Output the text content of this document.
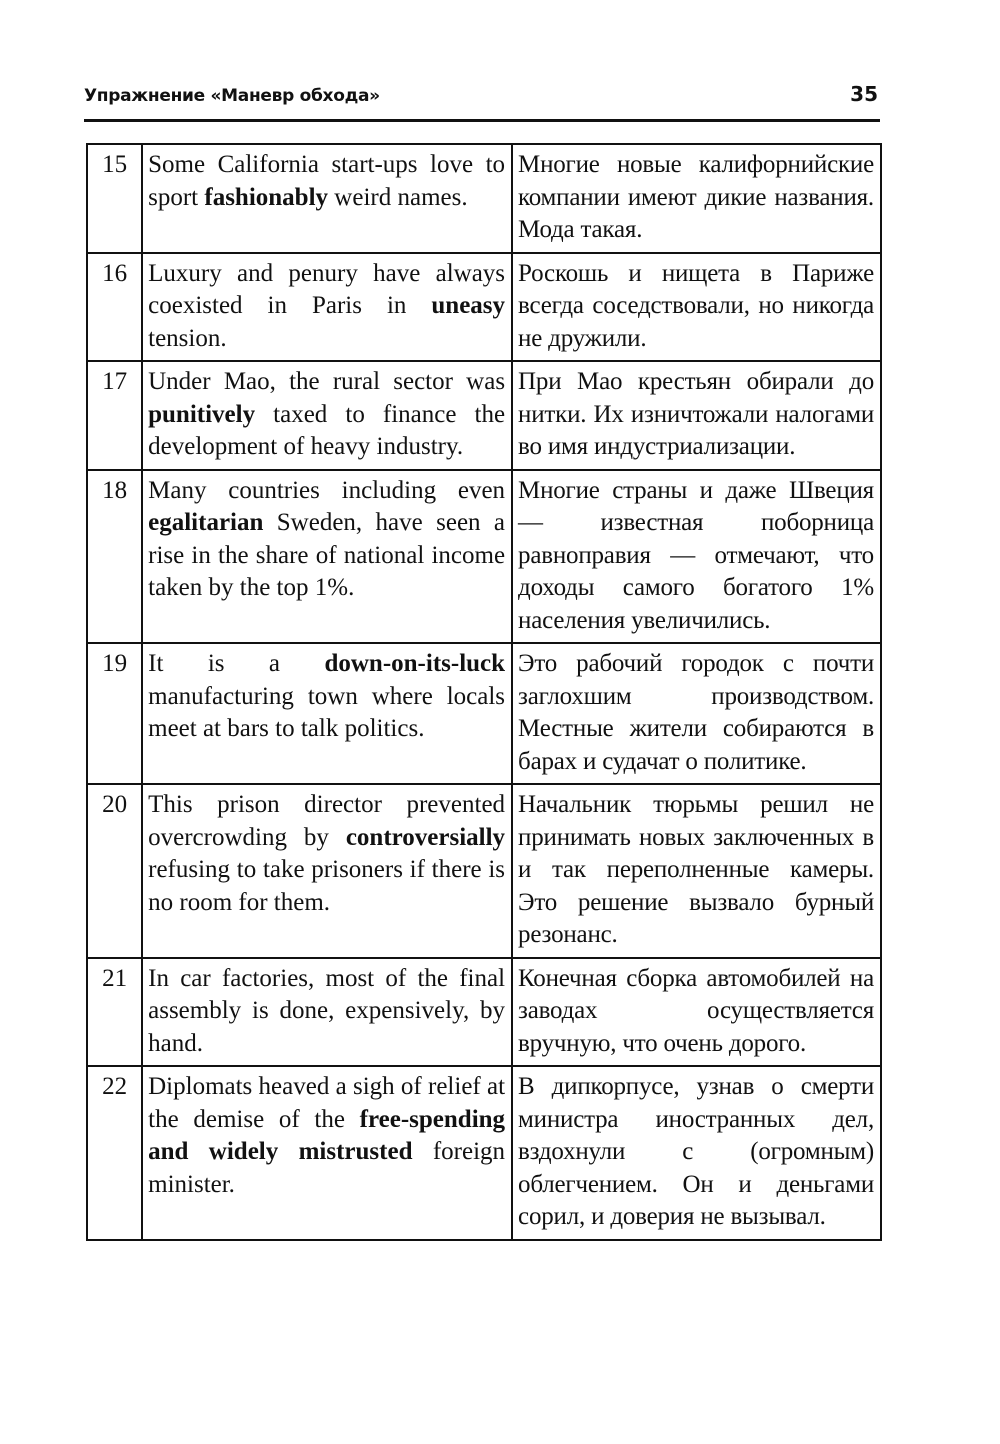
Упражнение «Маневр обхода»	35
15	Some California start-ups love to sport fashionably weird names.	Многие новые калифорнийские компании имеют дикие названия. Мода такая.
16	Luxury and penury have always coexisted in Paris in uneasy tension.	Роскошь и нищета в Париже всегда соседствовали, но никогда не дружили.
17	Under Mao, the rural sector was punitively taxed to finance the development of heavy industry.	При Мао крестьян обирали до нитки. Их изничтожали налогами во имя индустриализации.
18	Many countries including even egalitarian Sweden, have seen a rise in the share of national income taken by the top 1%.	Многие страны и даже Швеция — известная поборница равноправия — отмечают, что доходы самого богатого 1% населения увеличились.
19	It is a down-on-its-luck manufacturing town where locals meet at bars to talk politics.	Это рабочий городок с почти заглохшим производством. Местные жители собираются в барах и судачат о политике.
20	This prison director prevented overcrowding by controversially refusing to take prisoners if there is no room for them.	Начальник тюрьмы решил не принимать новых заключенных в и так переполненные камеры. Это решение вызвало бурный резонанс.
21	In car factories, most of the final assembly is done, expensively, by hand.	Конечная сборка автомобилей на заводах осуществляется вручную, что очень дорого.
22	Diplomats heaved a sigh of relief at the demise of the free-spending and widely mistrusted foreign minister.	В дипкорпусе, узнав о смерти министра иностранных дел, вздохнули с (огромным) облегчением. Он и деньгами сорил, и доверия не вызывал.
